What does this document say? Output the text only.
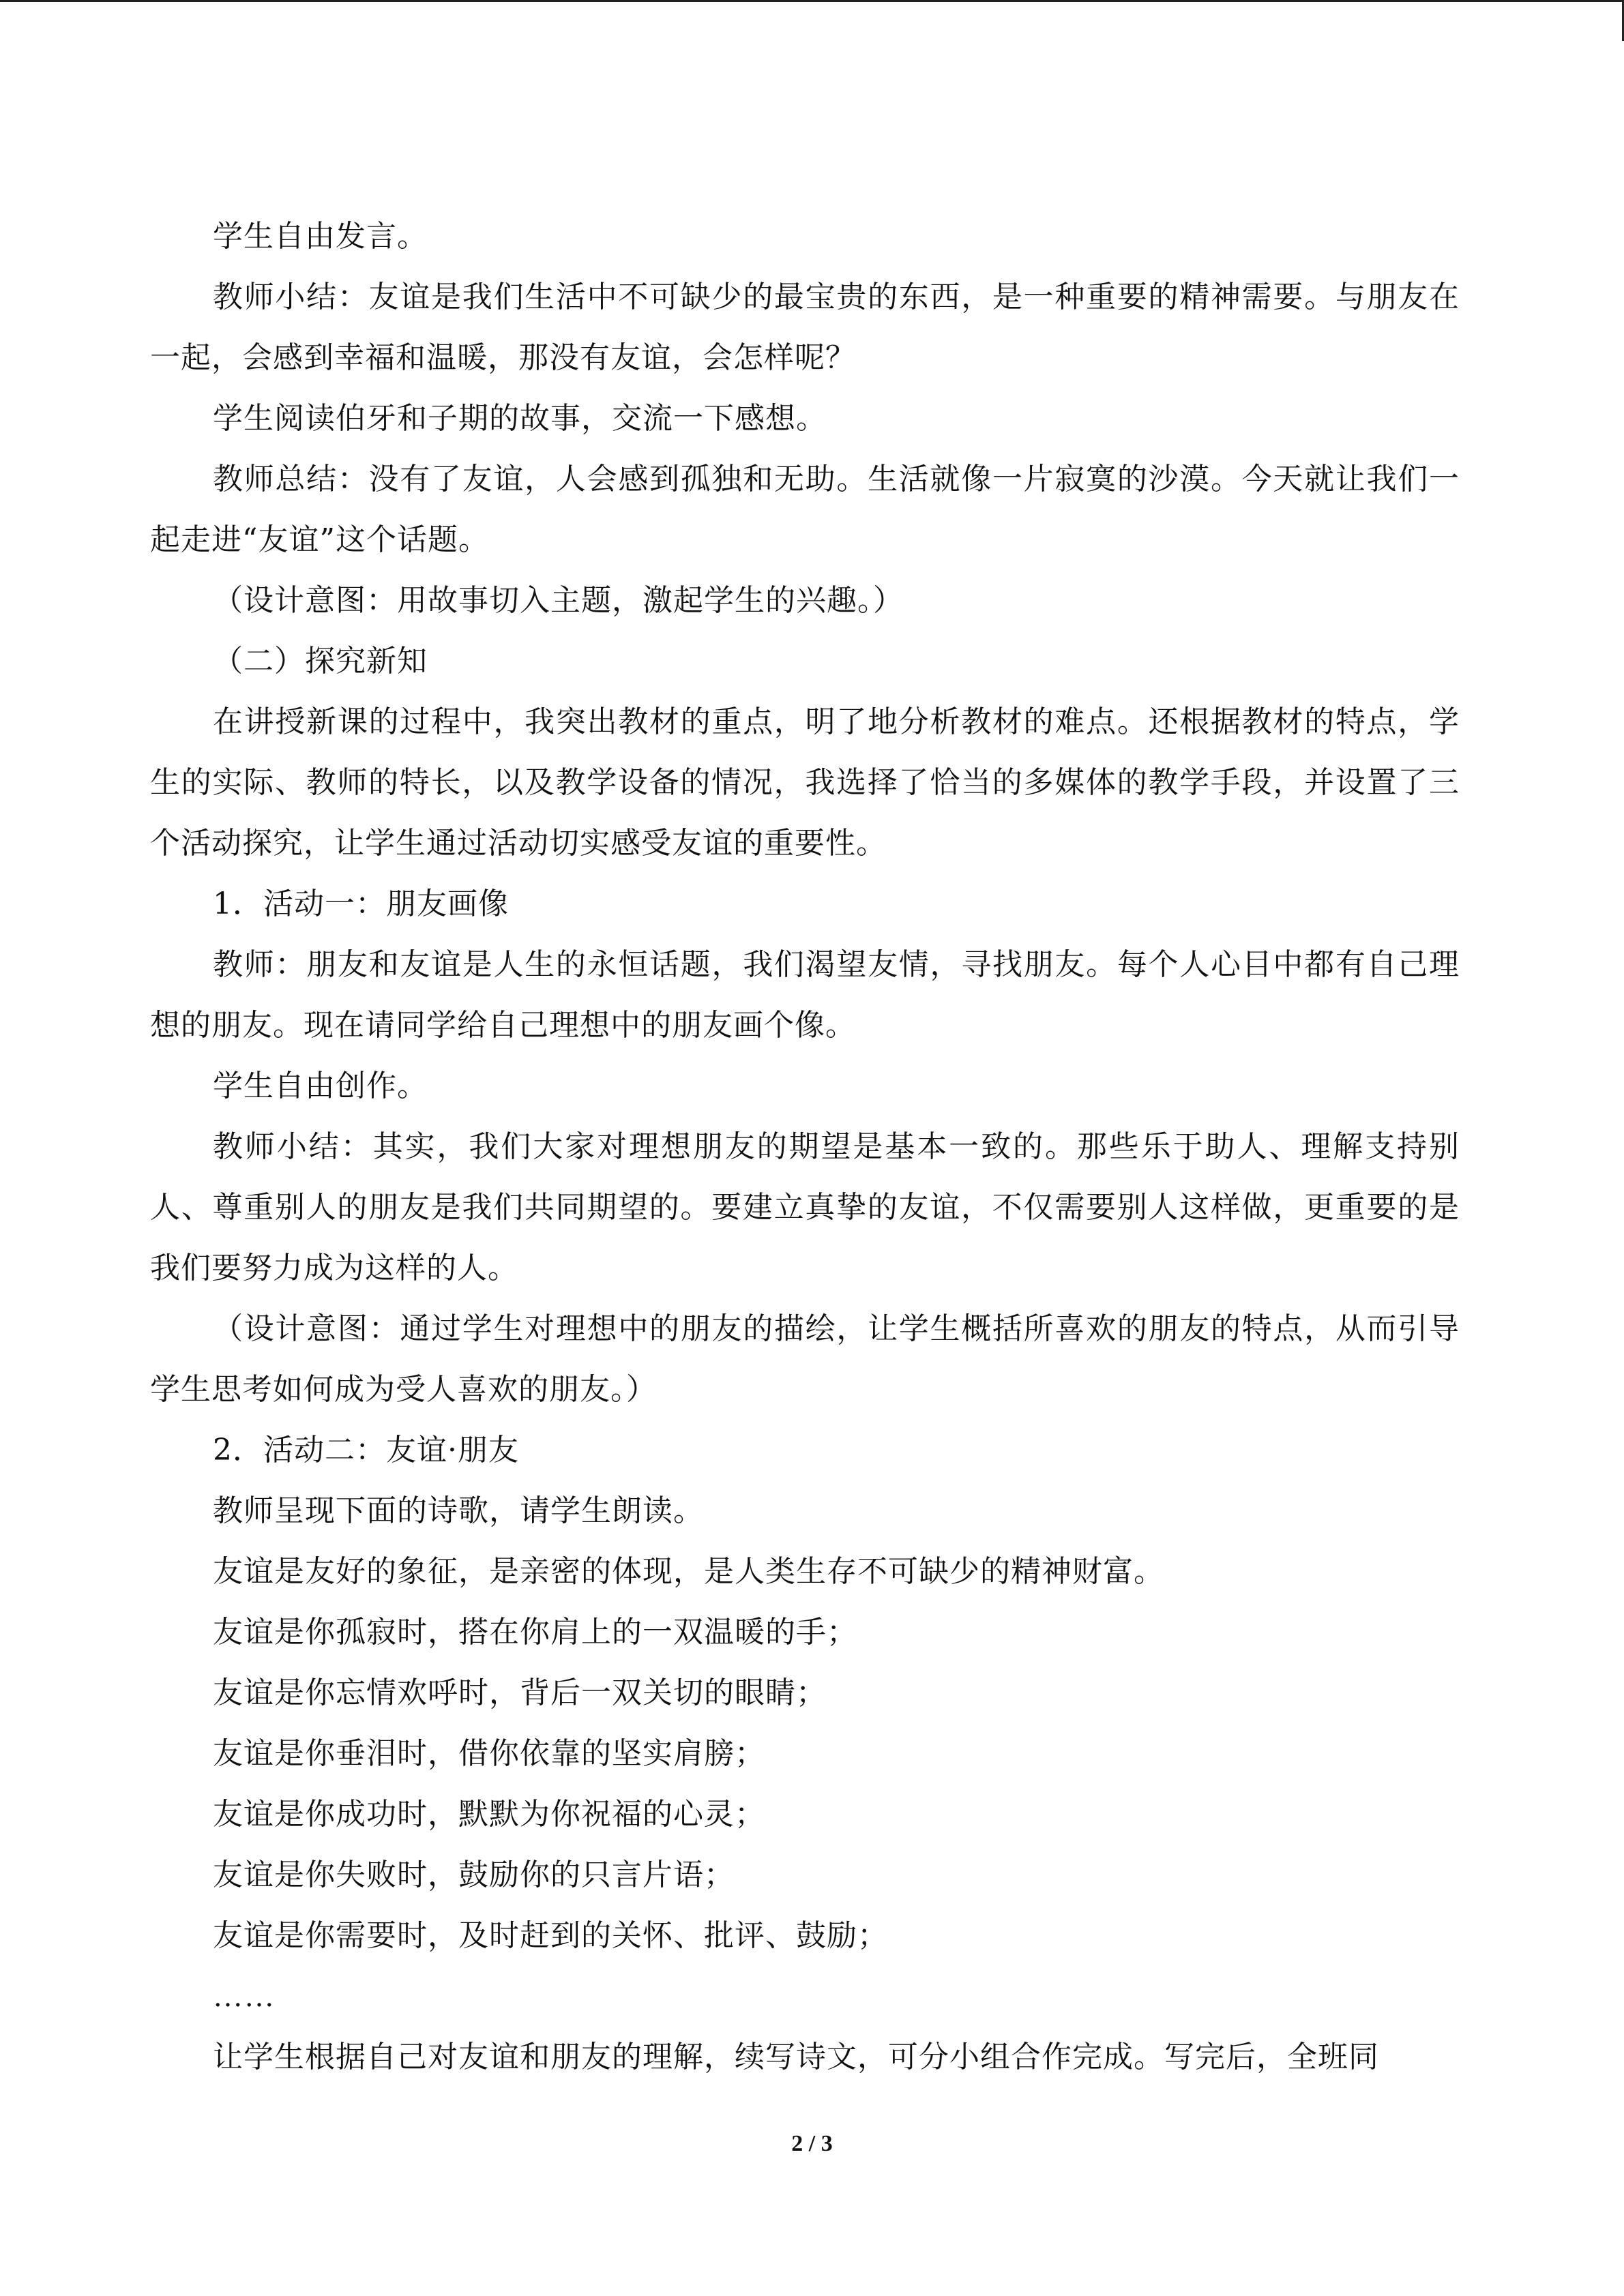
学生自由发言。

教师小结：友谊是我们生活中不可缺少的最宝贵的东西，是一种重要的精神需要。与朋友在一起，会感到幸福和温暖，那没有友谊，会怎样呢？

学生阅读伯牙和子期的故事，交流一下感想。

教师总结：没有了友谊，人会感到孤独和无助。生活就像一片寂寞的沙漠。今天就让我们一起走进“友谊”这个话题。

（设计意图：用故事切入主题，激起学生的兴趣。）

（二）探究新知

在讲授新课的过程中，我突出教材的重点，明了地分析教材的难点。还根据教材的特点，学生的实际、教师的特长，以及教学设备的情况，我选择了恰当的多媒体的教学手段，并设置了三个活动探究，让学生通过活动切实感受友谊的重要性。

1．活动一：朋友画像

教师：朋友和友谊是人生的永恒话题，我们渴望友情，寻找朋友。每个人心目中都有自己理想的朋友。现在请同学给自己理想中的朋友画个像。

学生自由创作。

教师小结：其实，我们大家对理想朋友的期望是基本一致的。那些乐于助人、理解支持别人、尊重别人的朋友是我们共同期望的。要建立真挚的友谊，不仅需要别人这样做，更重要的是我们要努力成为这样的人。

（设计意图：通过学生对理想中的朋友的描绘，让学生概括所喜欢的朋友的特点，从而引导学生思考如何成为受人喜欢的朋友。）

2．活动二：友谊·朋友

教师呈现下面的诗歌，请学生朗读。

友谊是友好的象征，是亲密的体现，是人类生存不可缺少的精神财富。

友谊是你孤寂时，搭在你肩上的一双温暖的手；

友谊是你忘情欢呼时，背后一双关切的眼睛；

友谊是你垂泪时，借你依靠的坚实肩膀；

友谊是你成功时，默默为你祝福的心灵；

友谊是你失败时，鼓励你的只言片语；

友谊是你需要时，及时赶到的关怀、批评、鼓励；

……

让学生根据自己对友谊和朋友的理解，续写诗文，可分小组合作完成。写完后，全班同

2 / 3
